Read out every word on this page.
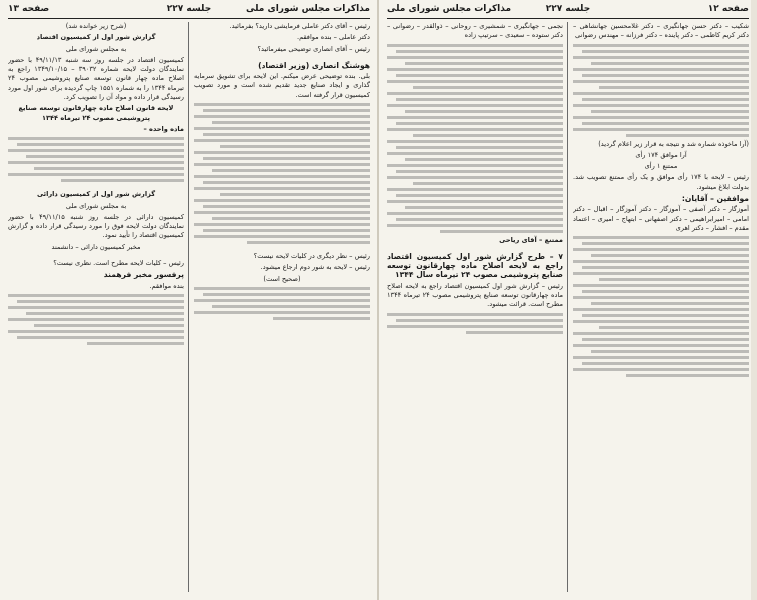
مذاکرات مجلس شورای ملی
جلسه ۲۲۷
صفحه ۱۳

رئیس – آقای دکتر عاملی فرمایشی دارید؟ بفرمائید.

دکتر عاملی – بنده موافقم.

رئیس – آقای انصاری توضیحی میفرمائید؟

هوشنگ انصاری (وزیر اقتصاد)

بلی. بنده توضیحی عرض میکنم. این لایحه برای تشویق سرمایه گذاری و ایجاد صنایع جدید تقدیم شده است و مورد تصویب کمیسیون قرار گرفته است.

رئیس – نظر دیگری در کلیات لایحه نیست؟

رئیس – لایحه به شور دوم ارجاع میشود.

(صحیح است)

(شرح زیر خوانده شد)

گزارش شور اول از کمیسیون اقتصاد

به مجلس شورای ملی

کمیسیون اقتصاد در جلسه روز سه شنبه ۴۹/۱۱/۱۳ با حضور نمایندگان دولت لایحه شماره ۳۹۰۳۲ – ۱۳۴۹/۱۰/۱۵ راجع به اصلاح ماده چهار قانون توسعه صنایع پتروشیمی مصوب ۲۴ تیرماه ۱۳۴۴ را به شماره ۱۵۵۱ چاپ گردیده برای شور اول مورد رسیدگی قرار داده و مواد آن را تصویب کرد.

لایحه قانون اصلاح ماده چهارقانون توسعه صنایع پتروشیمی مصوب ۲۴ تیرماه ۱۳۴۴

ماده واحده –

گزارش شور اول از کمیسیون دارائی

به مجلس شورای ملی

کمیسیون دارائی در جلسه روز شنبه ۴۹/۱۱/۱۵ با حضور نمایندگان دولت لایحه فوق را مورد رسیدگی قرار داده و گزارش کمیسیون اقتصاد را تأیید نمود.

مخبر کمیسیون دارائی – دانشمند

رئیس – کلیات لایحه مطرح است. نظری نیست؟

پرفسور مخبر فرهمند

بنده موافقم.

صفحه ۱۲
جلسه ۲۲۷
مذاکرات مجلس شورای ملی

شکیب – دکتر حسن جهانگیری – دکتر غلامحسین جهانشاهی – دکتر کریم کاظمی – دکتر پاینده – دکتر فرزانه – مهندس رضوانی

(آرا ماخوذه شماره شد و نتیجه به قرار زیر اعلام گردید)

آرا موافق ۱۷۴ رأی

ممتنع ۱ رأی

رئیس – لایحه با ۱۷۴ رأی موافق و یک رأی ممتنع تصویب شد. بدولت ابلاغ میشود.

موافقین – آقایان:

آموزگار – دکتر آصفی – آموزگار – دکتر آموزگار – اقبال – دکتر امامی – امیرابراهیمی – دکتر اصفهانی – ابتهاج – امیری – اعتماد مقدم – افشار – دکتر اهری

نجمی – جهانگیری – شمشیری – روحانی – ذوالقدر – رضوانی – دکتر ستوده – سعیدی – سرتیپ زاده

ممتنع – آقای ریاحی

۷ – طرح گزارش شور اول کمیسیون اقتصاد راجع به لایحه اصلاح ماده چهارقانون توسعه صنایع پتروشیمی مصوب ۲۴ تیرماه سال ۱۳۴۴

رئیس – گزارش شور اول کمیسیون اقتصاد راجع به لایحه اصلاح ماده چهارقانون توسعه صنایع پتروشیمی مصوب ۲۴ تیرماه ۱۳۴۴ مطرح است. قرائت میشود.
